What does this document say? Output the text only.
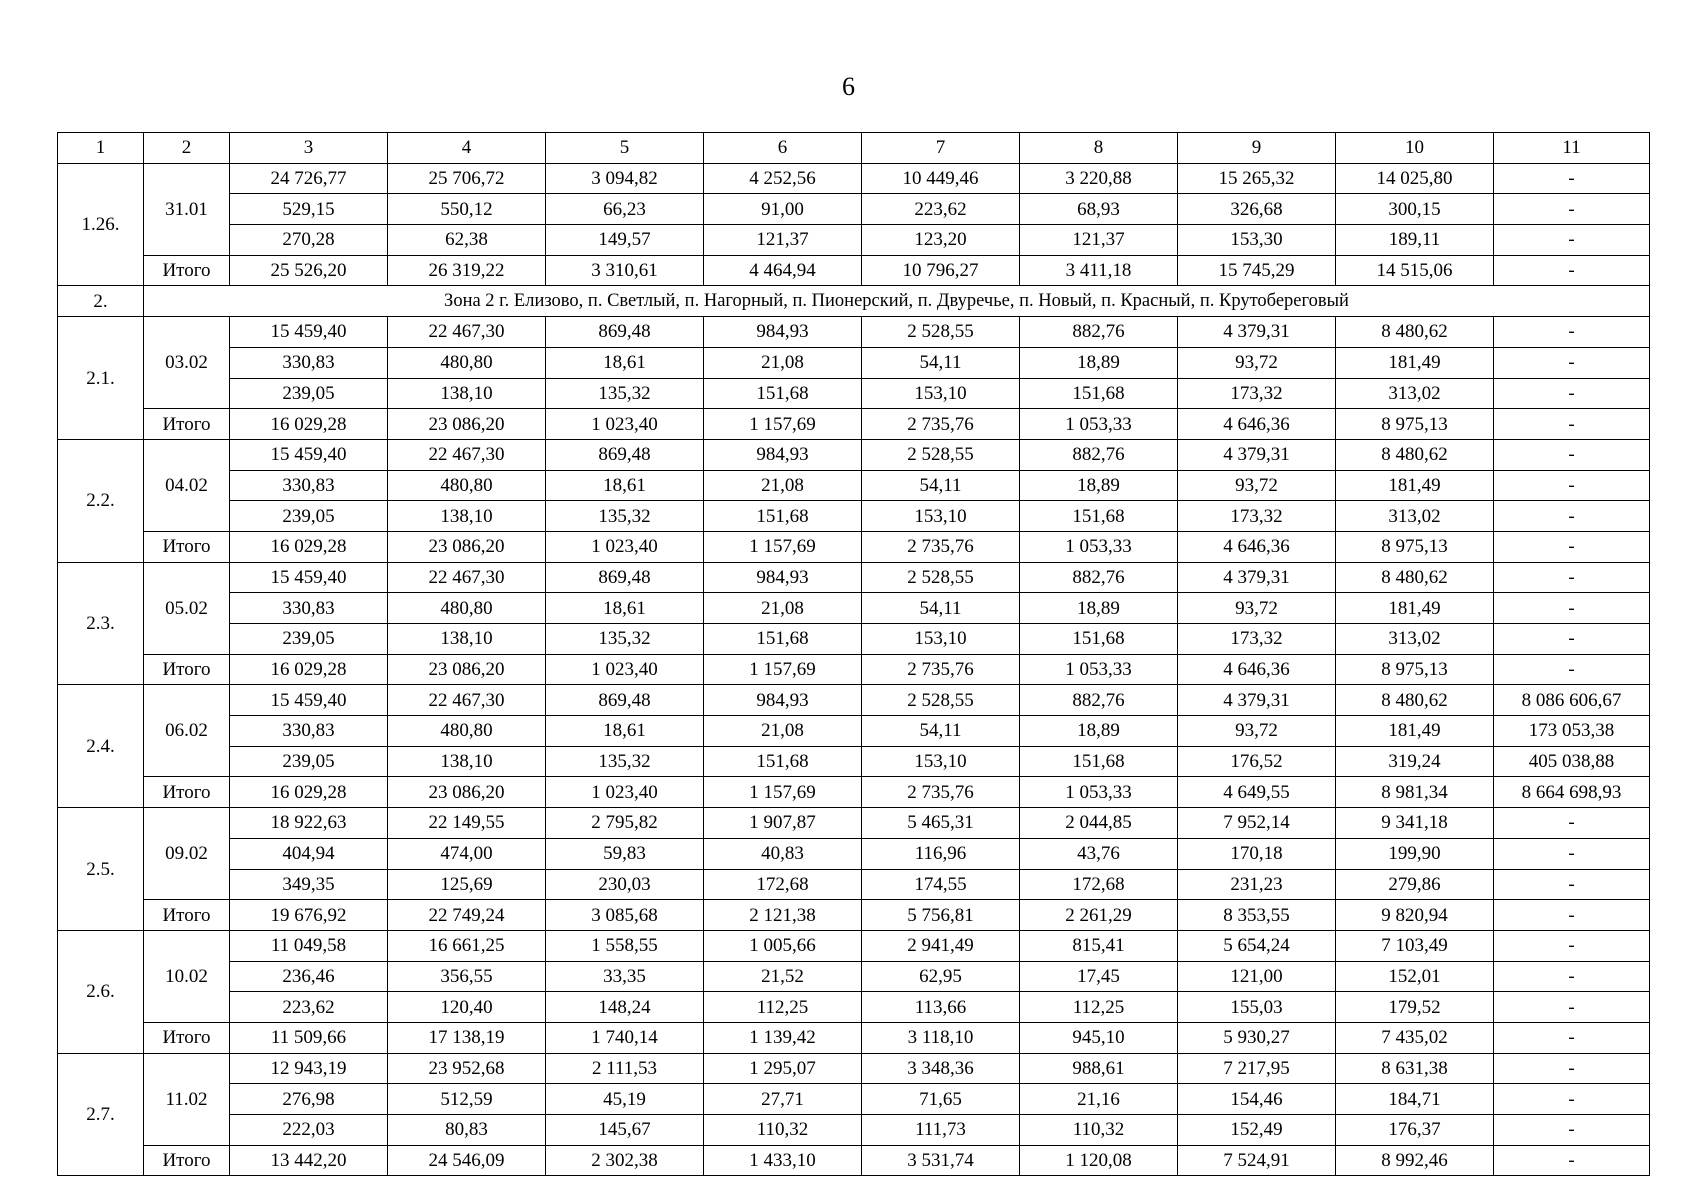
6
1	2	3	4	5	6	7	8	9	10	11
1.26.	31.01	24 726,77	25 706,72	3 094,82	4 252,56	10 449,46	3 220,88	15 265,32	14 025,80	-
		529,15	550,12	66,23	91,00	223,62	68,93	326,68	300,15	-
		270,28	62,38	149,57	121,37	123,20	121,37	153,30	189,11	-
	Итого	25 526,20	26 319,22	3 310,61	4 464,94	10 796,27	3 411,18	15 745,29	14 515,06	-
2.	Зона 2 г. Елизово, п. Светлый, п. Нагорный, п. Пионерский, п. Двуречье, п. Новый, п. Красный, п. Крутобереговый									
2.1.	03.02	15 459,40	22 467,30	869,48	984,93	2 528,55	882,76	4 379,31	8 480,62	-
		330,83	480,80	18,61	21,08	54,11	18,89	93,72	181,49	-
		239,05	138,10	135,32	151,68	153,10	151,68	173,32	313,02	-
	Итого	16 029,28	23 086,20	1 023,40	1 157,69	2 735,76	1 053,33	4 646,36	8 975,13	-
2.2.	04.02	15 459,40	22 467,30	869,48	984,93	2 528,55	882,76	4 379,31	8 480,62	-
		330,83	480,80	18,61	21,08	54,11	18,89	93,72	181,49	-
		239,05	138,10	135,32	151,68	153,10	151,68	173,32	313,02	-
	Итого	16 029,28	23 086,20	1 023,40	1 157,69	2 735,76	1 053,33	4 646,36	8 975,13	-
2.3.	05.02	15 459,40	22 467,30	869,48	984,93	2 528,55	882,76	4 379,31	8 480,62	-
		330,83	480,80	18,61	21,08	54,11	18,89	93,72	181,49	-
		239,05	138,10	135,32	151,68	153,10	151,68	173,32	313,02	-
	Итого	16 029,28	23 086,20	1 023,40	1 157,69	2 735,76	1 053,33	4 646,36	8 975,13	-
2.4.	06.02	15 459,40	22 467,30	869,48	984,93	2 528,55	882,76	4 379,31	8 480,62	8 086 606,67
		330,83	480,80	18,61	21,08	54,11	18,89	93,72	181,49	173 053,38
		239,05	138,10	135,32	151,68	153,10	151,68	176,52	319,24	405 038,88
	Итого	16 029,28	23 086,20	1 023,40	1 157,69	2 735,76	1 053,33	4 649,55	8 981,34	8 664 698,93
2.5.	09.02	18 922,63	22 149,55	2 795,82	1 907,87	5 465,31	2 044,85	7 952,14	9 341,18	-
		404,94	474,00	59,83	40,83	116,96	43,76	170,18	199,90	-
		349,35	125,69	230,03	172,68	174,55	172,68	231,23	279,86	-
	Итого	19 676,92	22 749,24	3 085,68	2 121,38	5 756,81	2 261,29	8 353,55	9 820,94	-
2.6.	10.02	11 049,58	16 661,25	1 558,55	1 005,66	2 941,49	815,41	5 654,24	7 103,49	-
		236,46	356,55	33,35	21,52	62,95	17,45	121,00	152,01	-
		223,62	120,40	148,24	112,25	113,66	112,25	155,03	179,52	-
	Итого	11 509,66	17 138,19	1 740,14	1 139,42	3 118,10	945,10	5 930,27	7 435,02	-
2.7.	11.02	12 943,19	23 952,68	2 111,53	1 295,07	3 348,36	988,61	7 217,95	8 631,38	-
		276,98	512,59	45,19	27,71	71,65	21,16	154,46	184,71	-
		222,03	80,83	145,67	110,32	111,73	110,32	152,49	176,37	-
	Итого	13 442,20	24 546,09	2 302,38	1 433,10	3 531,74	1 120,08	7 524,91	8 992,46	-
